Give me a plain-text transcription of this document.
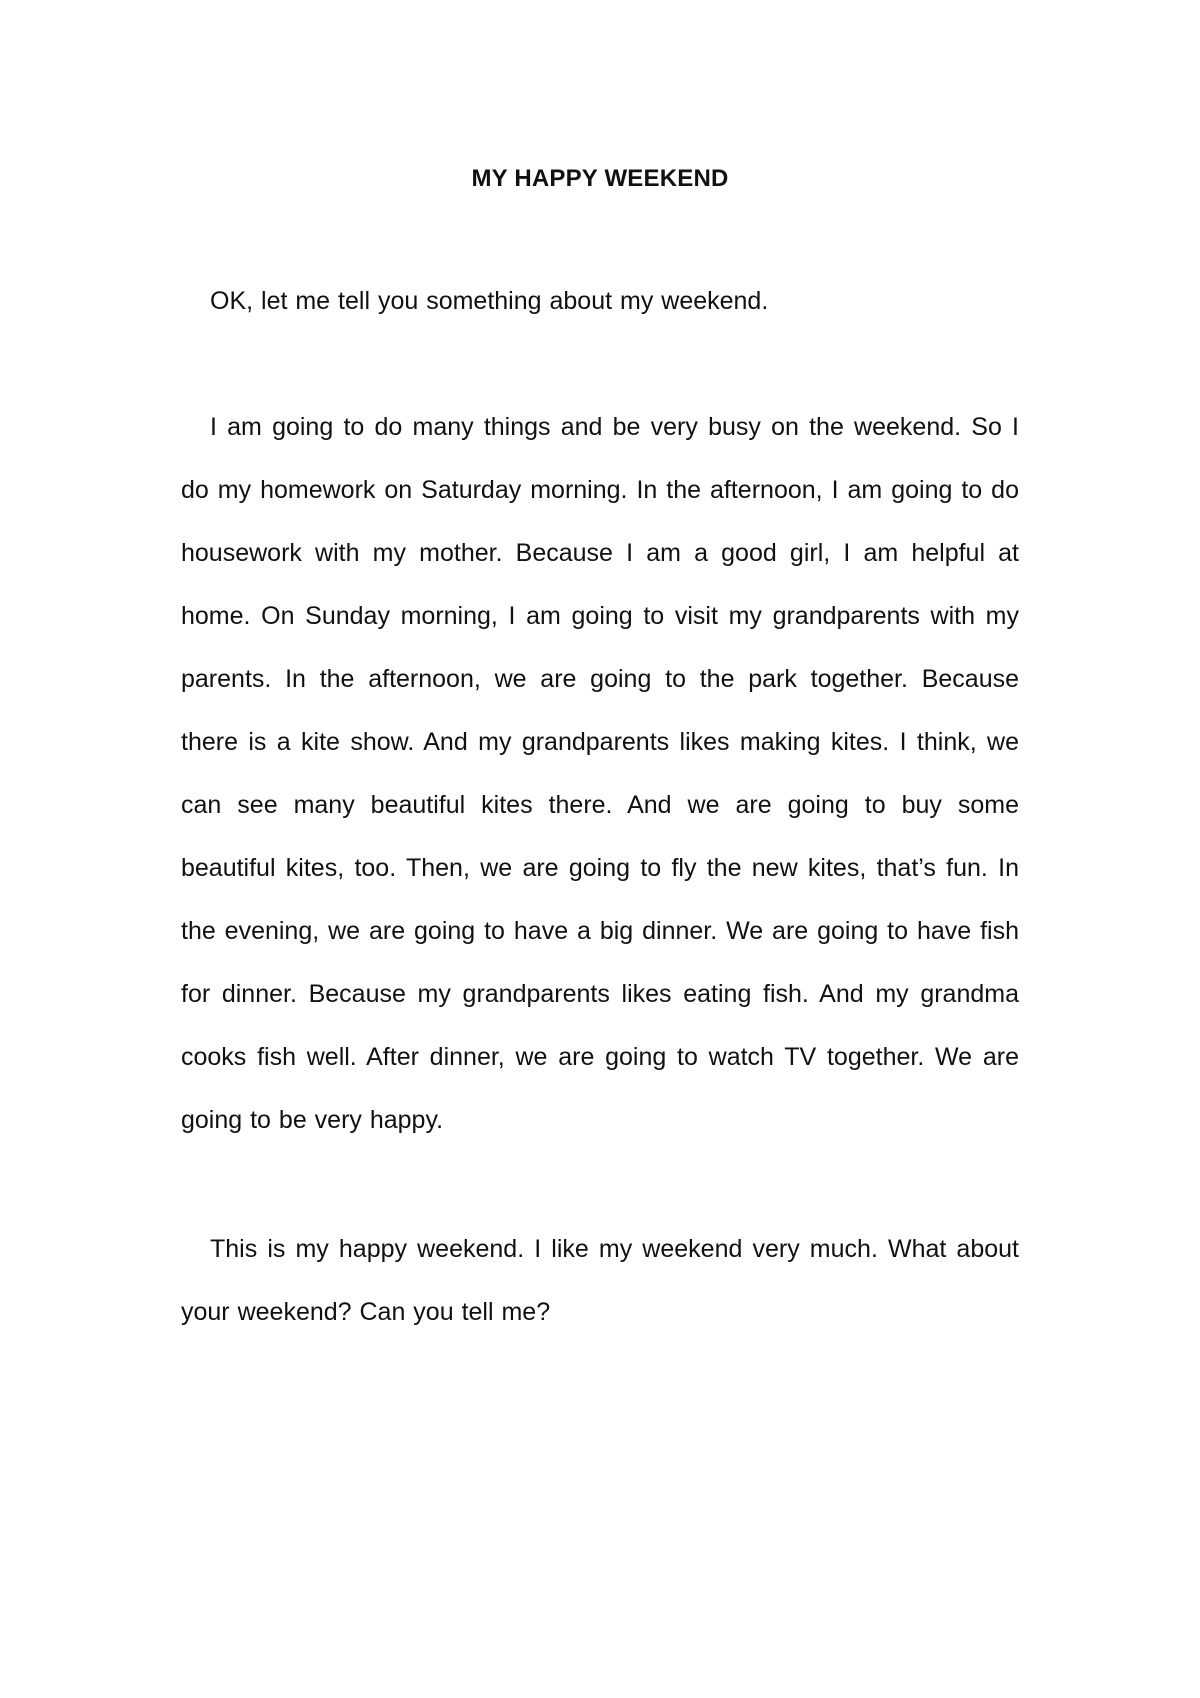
MY HAPPY WEEKEND

OK, let me tell you something about my weekend.

I am going to do many things and be very busy on the weekend. So I do my homework on Saturday morning. In the afternoon, I am going to do housework with my mother. Because I am a good girl, I am helpful at home. On Sunday morning, I am going to visit my grandparents with my parents. In the afternoon, we are going to the park together. Because there is a kite show. And my grandparents likes making kites. I think, we can see many beautiful kites there. And we are going to buy some beautiful kites, too. Then, we are going to fly the new kites, that’s fun. In the evening, we are going to have a big dinner. We are going to have fish for dinner. Because my grandparents likes eating fish. And my grandma cooks fish well. After dinner, we are going to watch TV together. We are going to be very happy.

This is my happy weekend. I like my weekend very much. What about your weekend? Can you tell me?
